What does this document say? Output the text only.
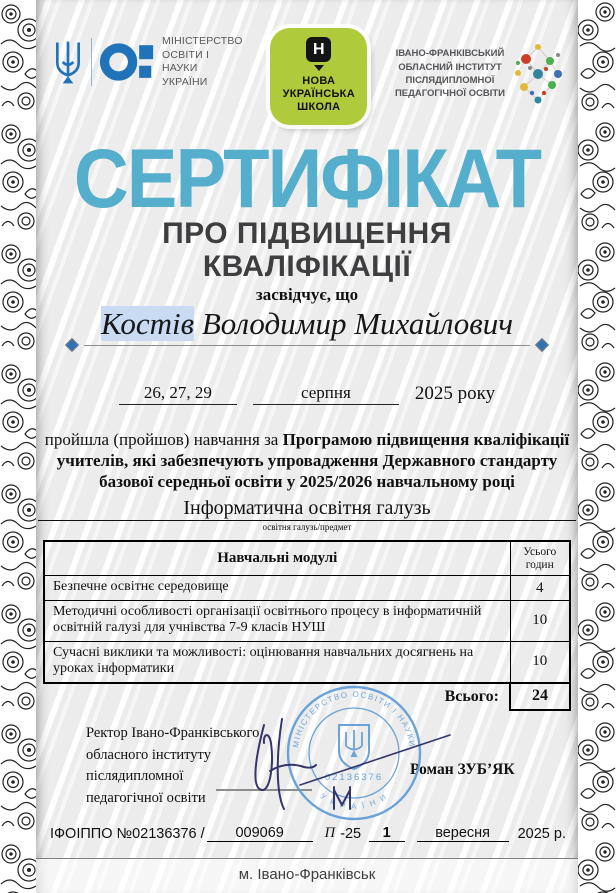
МІНІСТЕРСТВО
ОСВІТИ І
НАУКИ
УКРАЇНИ
Н
НОВА
УКРАЇНСЬКА
ШКОЛА
ІВАНО-ФРАНКІВСЬКИЙ
ОБЛАСНИЙ ІНСТИТУТ
ПІСЛЯДИПЛОМНОЇ
ПЕДАГОГІЧНОЇ ОСВІТИ
СЕРТИФІКАТ
ПРО ПІДВИЩЕННЯ
КВАЛІФІКАЦІЇ
засвідчує, що
Костів Володимир Михайлович
26, 27, 29	серпня	2025 року
пройшла (пройшов) навчання за Програмою підвищення кваліфікації учителів, які забезпечують упровадження Державного стандарту базової середньої освіти у 2025/2026 навчальному році
Інформатична освітня галузь
освітня галузь/предмет
Навчальні модулі	Усього годин
Безпечне освітнє середовище	4
Методичні особливості організації освітнього процесу в інформатичній освітній галузі для учнівства 7-9 класів НУШ	10
Сучасні виклики та можливості: оцінювання навчальних досягнень на уроках інформатики	10
Всього:	24
Ректор Івано-Франківського
обласного інституту
післядипломної
педагогічної освіти
Роман ЗУБ’ЯК
МІНІСТЕРСТВО ОСВІТИ І НАУКИ
У К Р А Ї Н И
02136376
ІФОІППО №02136376 /	009069	П -25	1	вересня	2025 р.
м. Івано-Франківськ
